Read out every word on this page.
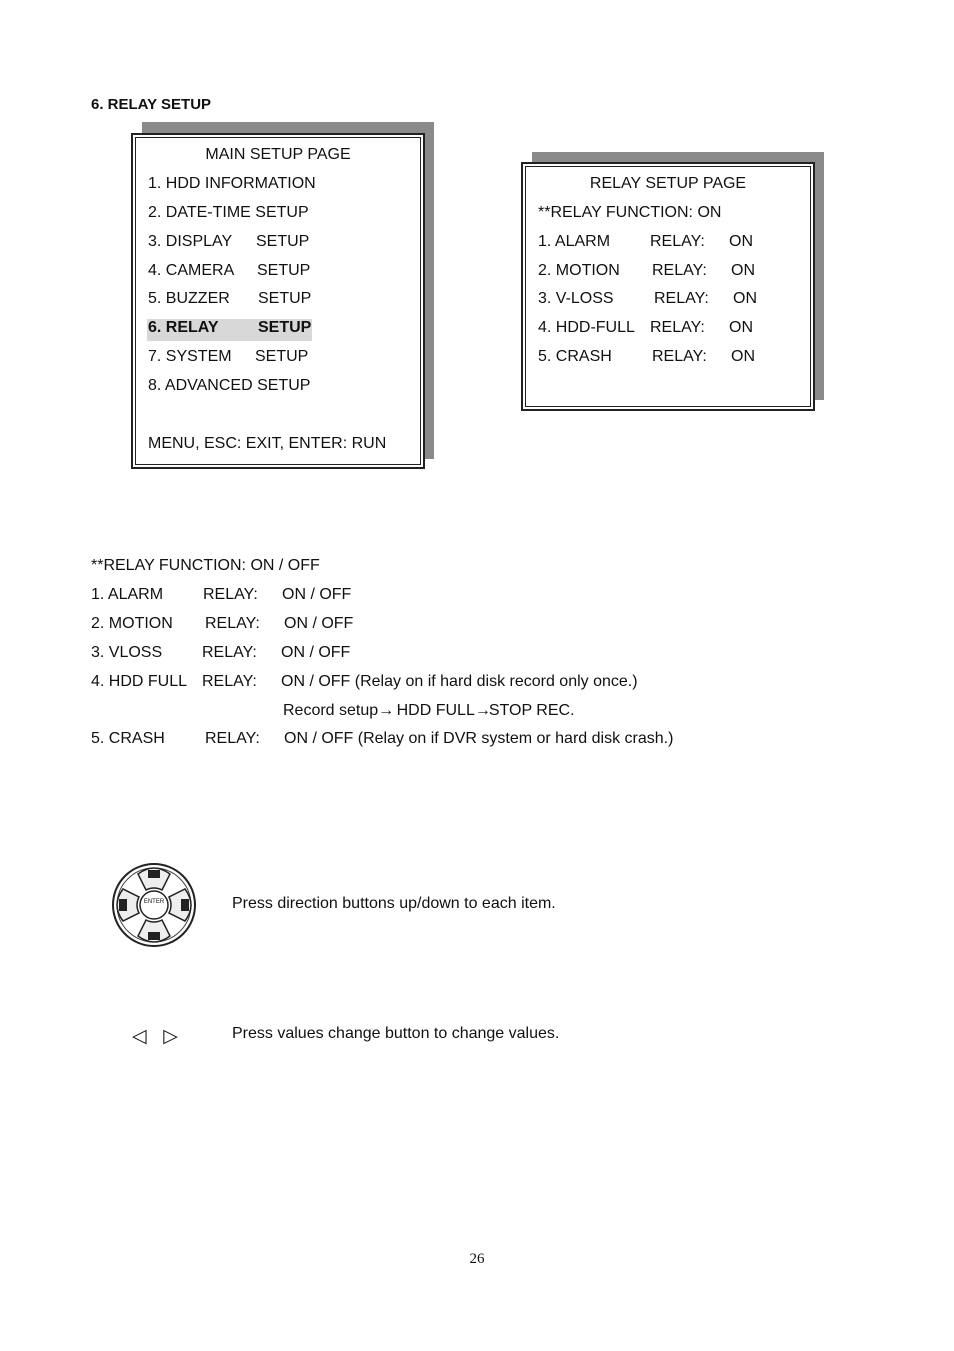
6. RELAY SETUP
MAIN SETUP PAGE
1. HDD INFORMATION
2. DATE-TIME SETUP
3. DISPLAY SETUP
4. CAMERA SETUP
5. BUZZER SETUP
6. RELAY SETUP
7. SYSTEM SETUP
8. ADVANCED SETUP
MENU, ESC: EXIT, ENTER: RUN
RELAY SETUP PAGE
**RELAY FUNCTION: ON
1. ALARM RELAY: ON
2. MOTION RELAY: ON
3. V-LOSS	RELAY: ON
4. HDD-FULL RELAY: ON
5. CRASH	RELAY: ON
**RELAY FUNCTION: ON / OFF
1. ALARM RELAY: ON / OFF
2. MOTION RELAY: ON / OFF
3. VLOSS RELAY: ON / OFF
4. HDD FULL RELAY: ON / OFF (Relay on if hard disk record only once.)
Record setup→ HDD FULL→STOP REC.
5. CRASH	RELAY: ON / OFF (Relay on if DVR system or hard disk crash.)
ENTER	Press direction buttons up/down to each item.
◁ ▷	Press values change button to change values.
26
